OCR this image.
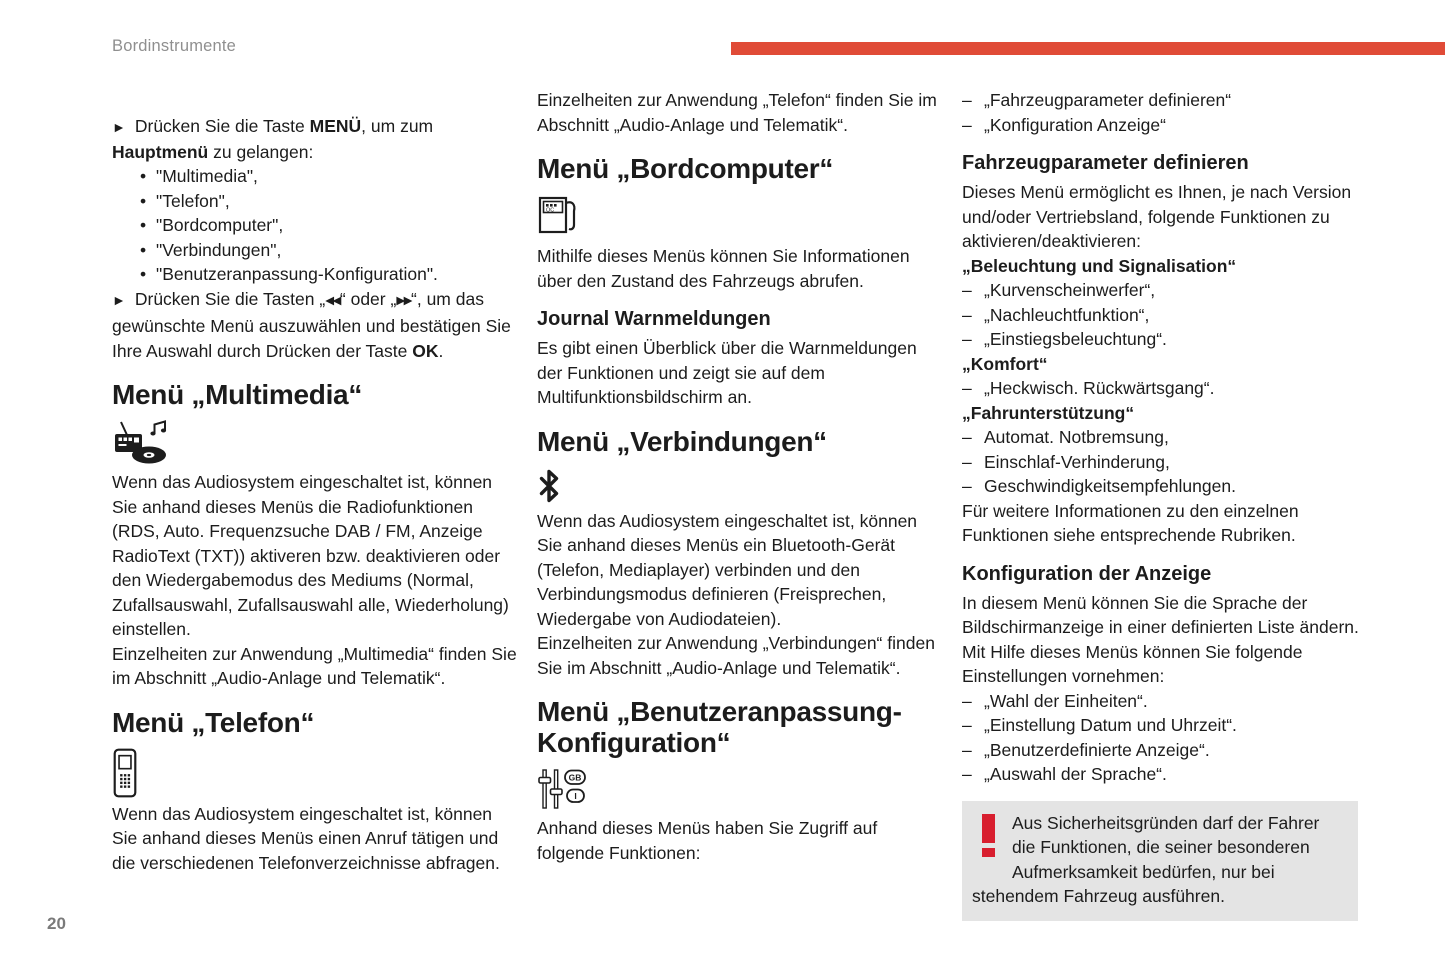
Bordinstrumente

► Drücken Sie die Taste MENÜ, um zum Hauptmenü zu gelangen:

• "Multimedia",
• "Telefon",
• "Bordcomputer",
• "Verbindungen",
• "Benutzeranpassung-Konfiguration".

► Drücken Sie die Tasten „◀◀“ oder „▶▶“, um das gewünschte Menü auszuwählen und bestätigen Sie Ihre Auswahl durch Drücken der Taste OK.

Menü „Multimedia“

Wenn das Audiosystem eingeschaltet ist, können Sie anhand dieses Menüs die Radiofunktionen (RDS, Auto. Frequenzsuche DAB / FM, Anzeige RadioText (TXT)) aktiveren bzw. deaktivieren oder den Wiedergabemodus des Mediums (Normal, Zufallsauswahl, Zufallsauswahl alle, Wiederholung) einstellen.

Einzelheiten zur Anwendung „Multimedia“ finden Sie im Abschnitt „Audio-Anlage und Telematik“.

Menü „Telefon“

Wenn das Audiosystem eingeschaltet ist, können Sie anhand dieses Menüs einen Anruf tätigen und die verschiedenen Telefonverzeichnisse abfragen.

Einzelheiten zur Anwendung „Telefon“ finden Sie im Abschnitt „Audio-Anlage und Telematik“.

Menü „Bordcomputer“
OC

Mithilfe dieses Menüs können Sie Informationen über den Zustand des Fahrzeugs abrufen.

Journal Warnmeldungen

Es gibt einen Überblick über die Warnmeldungen der Funktionen und zeigt sie auf dem Multifunktionsbildschirm an.

Menü „Verbindungen“

Wenn das Audiosystem eingeschaltet ist, können Sie anhand dieses Menüs ein Bluetooth-Gerät (Telefon, Mediaplayer) verbinden und den Verbindungsmodus definieren (Freisprechen, Wiedergabe von Audiodateien).

Einzelheiten zur Anwendung „Verbindungen“ finden Sie im Abschnitt „Audio-Anlage und Telematik“.

Menü „Benutzeranpassung-Konfiguration“
GB
I

Anhand dieses Menüs haben Sie Zugriff auf folgende Funktionen:

– „Fahrzeugparameter definieren“
– „Konfiguration Anzeige“
Fahrzeugparameter definieren

Dieses Menü ermöglicht es Ihnen, je nach Version und/oder Vertriebsland, folgende Funktionen zu aktivieren/deaktivieren:

„Beleuchtung und Signalisation“
– „Kurvenscheinwerfer“,
– „Nachleuchtfunktion“,
– „Einstiegsbeleuchtung“.
„Komfort“
– „Heckwisch. Rückwärtsgang“.
„Fahrunterstützung“
– Automat. Notbremsung,
– Einschlaf-Verhinderung,
– Geschwindigkeitsempfehlungen.

Für weitere Informationen zu den einzelnen Funktionen siehe entsprechende Rubriken.

Konfiguration der Anzeige

In diesem Menü können Sie die Sprache der Bildschirmanzeige in einer definierten Liste ändern. Mit Hilfe dieses Menüs können Sie folgende Einstellungen vornehmen:

– „Wahl der Einheiten“.
– „Einstellung Datum und Uhrzeit“.
– „Benutzerdefinierte Anzeige“.
– „Auswahl der Sprache“.

Aus Sicherheitsgründen darf der Fahrer die Funktionen, die seiner besonderen Aufmerksamkeit bedürfen, nur bei stehendem Fahrzeug ausführen.

20
